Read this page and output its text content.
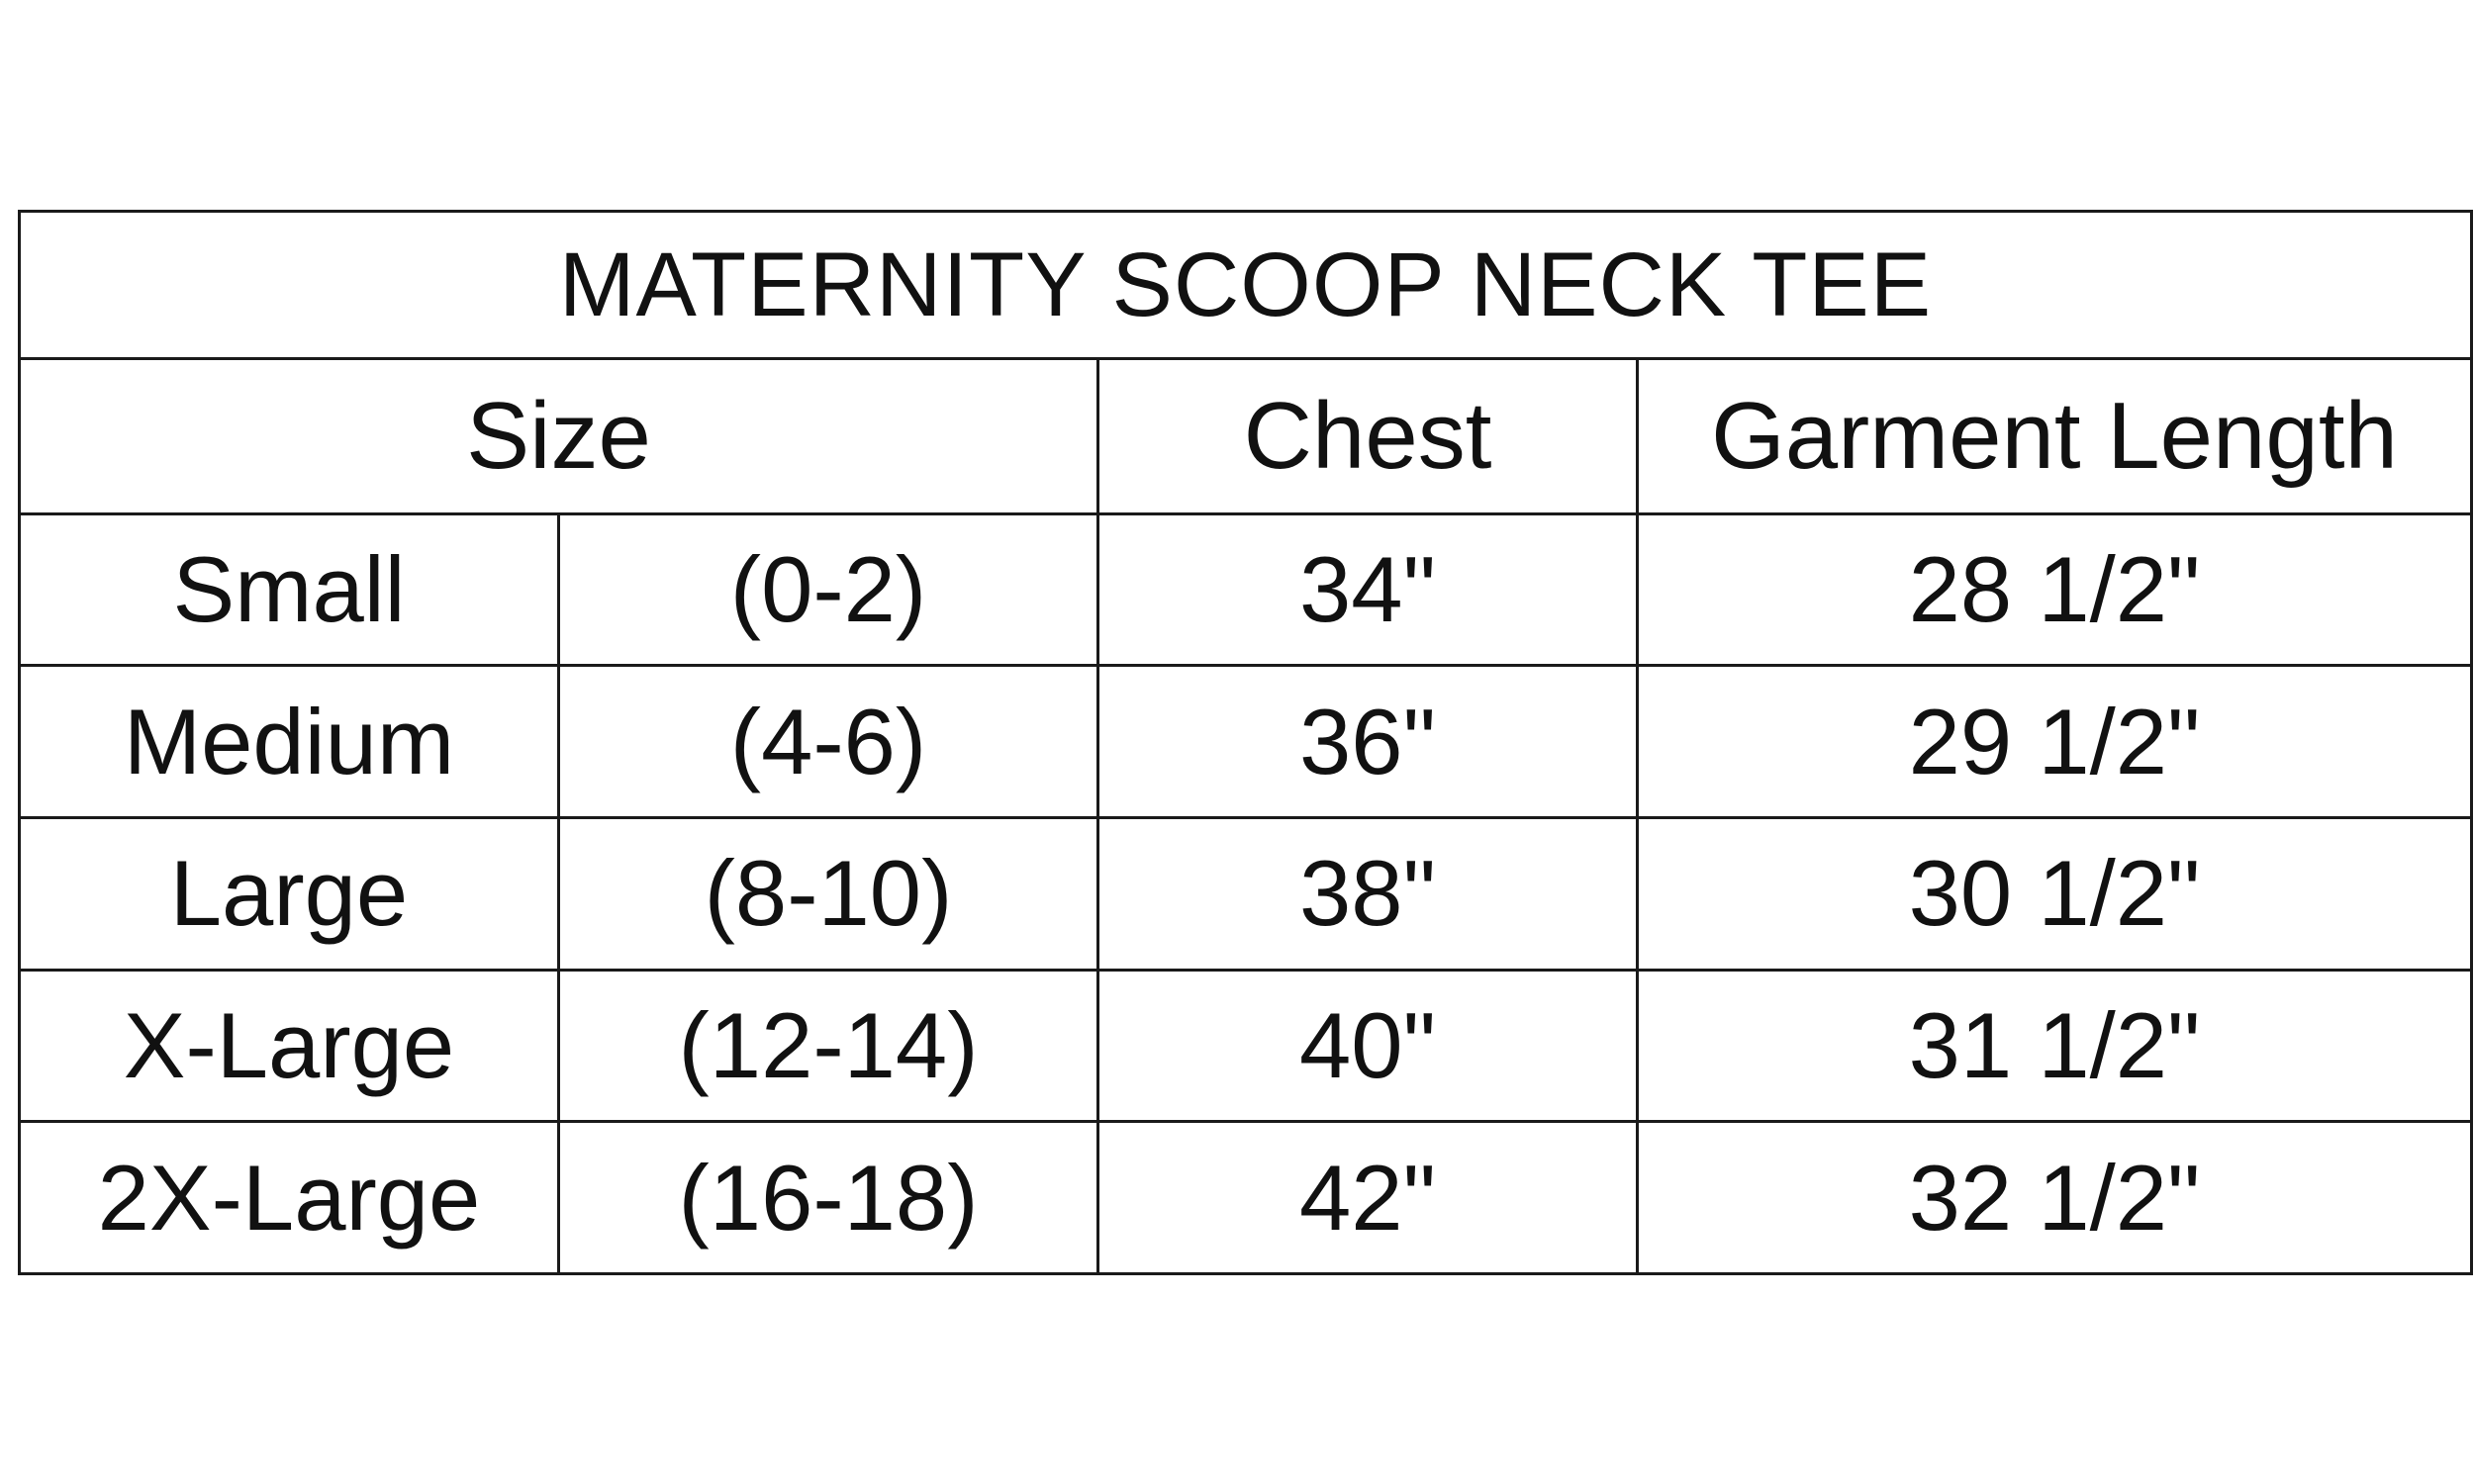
MATERNITY SCOOP NECK TEE			
Size		Chest	Garment Length
Small	(0-2)	34"	28 1/2"
Medium	(4-6)	36"	29 1/2"
Large	(8-10)	38"	30 1/2"
X-Large	(12-14)	40"	31 1/2"
2X-Large	(16-18)	42"	32 1/2"
